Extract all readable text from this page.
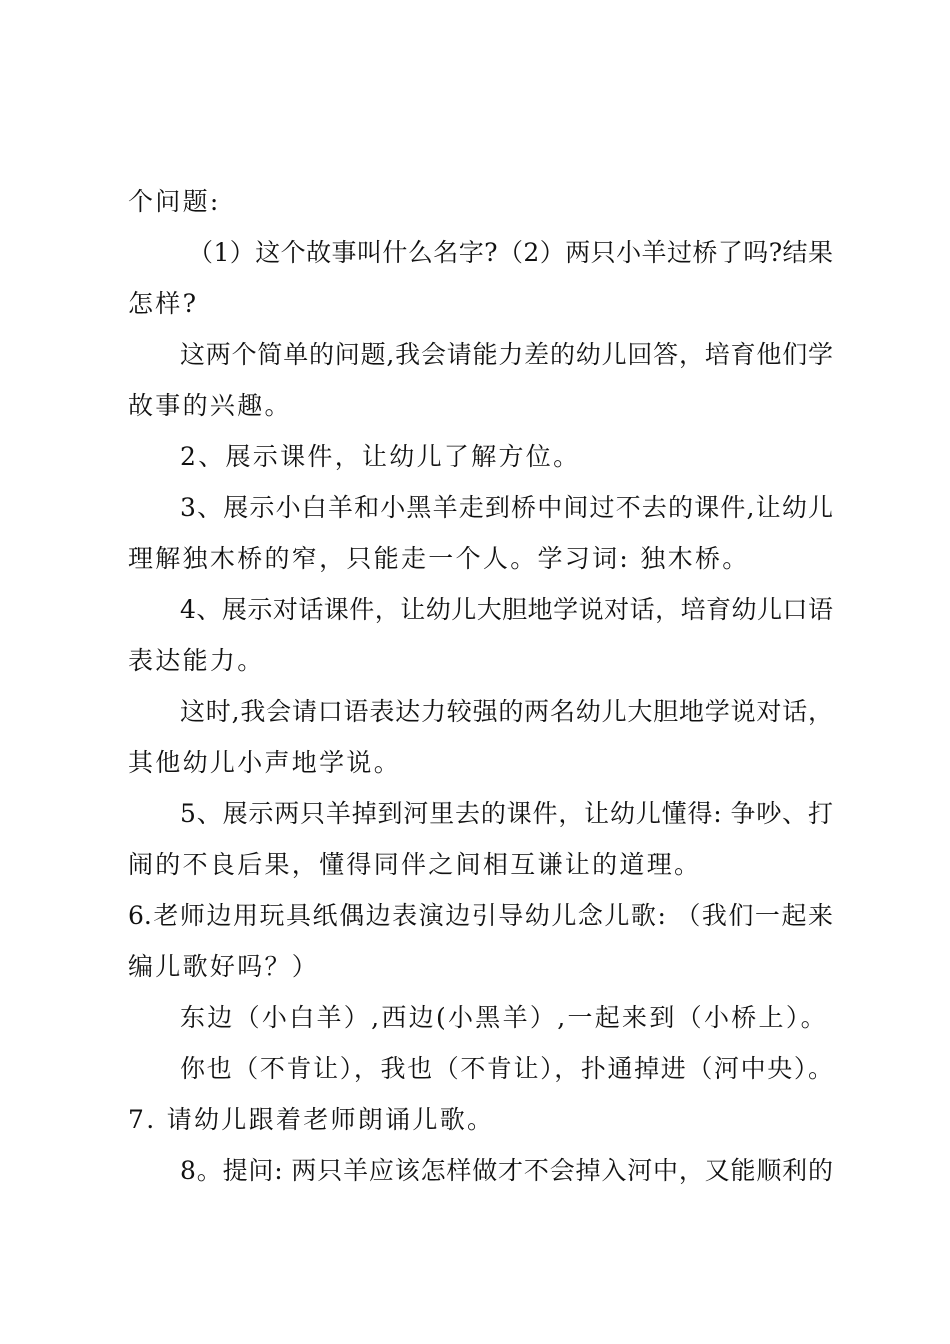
个问题:
（1）这个故事叫什么名字?（2）两只小羊过桥了吗?结果
怎样?
这两个简单的问题,我会请能力差的幼儿回答，培育他们学
故事的兴趣。
2、展示课件，让幼儿了解方位。
3、展示小白羊和小黑羊走到桥中间过不去的课件,让幼儿
理解独木桥的窄，只能走一个人。学习词: 独木桥。
4、展示对话课件，让幼儿大胆地学说对话，培育幼儿口语
表达能力。
这时,我会请口语表达力较强的两名幼儿大胆地学说对话，
其他幼儿小声地学说。
5、展示两只羊掉到河里去的课件，让幼儿懂得: 争吵、打
闹的不良后果，懂得同伴之间相互谦让的道理。
6.老师边用玩具纸偶边表演边引导幼儿念儿歌: （我们一起来
编儿歌好吗？）
东边（小白羊）,西边(小黑羊）,一起来到（小桥上）。
你也（不肯让），我也（不肯让），扑通掉进（河中央）。
7. 请幼儿跟着老师朗诵儿歌。
8。提问: 两只羊应该怎样做才不会掉入河中，又能顺利的
